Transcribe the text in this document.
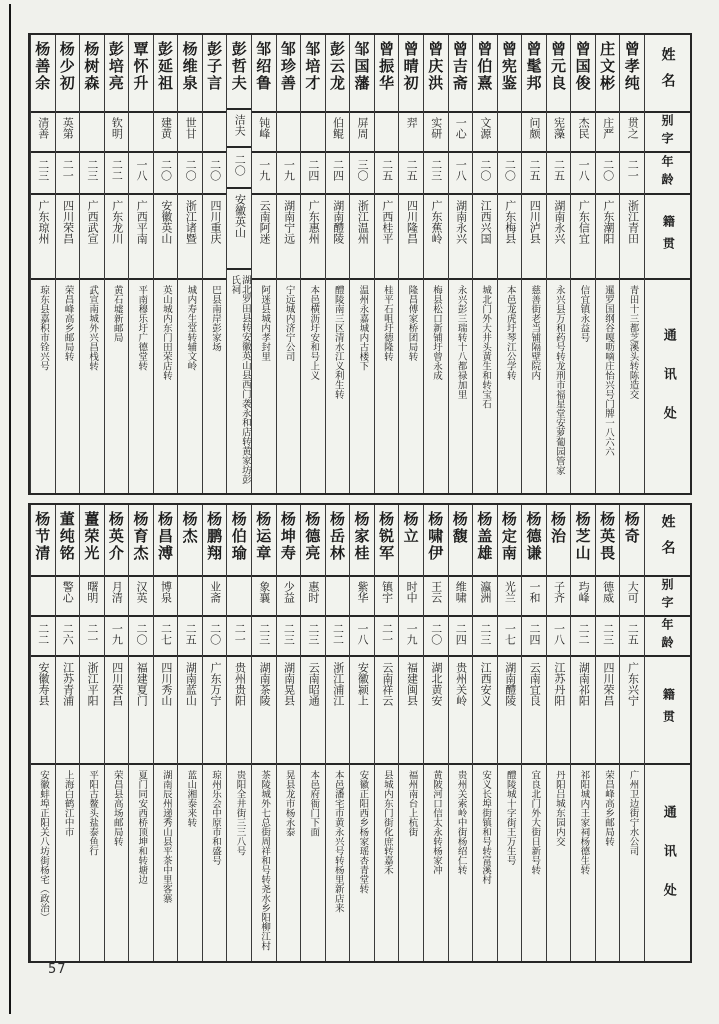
姓名
别字
年龄
籍贯
通讯处
曾孝纯
贯之
二一
浙江青田
青田十三都芝溪头转陈造交
庄文彬
庄严
二〇
广东潮阳
暹罗国纲谷嘎呖嘀庄怡兴号门牌一八六六
曾国俊
杰民
一八
广东信宜
信宜镇永益号
曾元良
宪藻
二五
湖南永兴
永兴县万和药号转龙刑市福星堂安萝葡园管家
曾髦邦
问颇
二五
四川泸县
慈善街老当铺隔壁院内
曾宪鉴
二〇
广东梅县
本邑龙虎圩琴江公学转
曾伯熹
文源
二〇
江西兴国
城北门外大井头黄生和转宝石
曾吉斋
一心
一八
湖南永兴
永兴彭三瑞转十八都禄加里
曾庆洪
实研
二三
广东蕉岭
梅县松口新铺圩曾永成
曾晴初
羿
二五
四川隆昌
隆昌傅家桥团局转
曾振华
二五
广西桂平
桂平石咀圩德隆转
邹国藩
屏周
三〇
浙江温州
温州永嘉城内古楼下
彭云龙
伯鲲
二四
湖南醴陵
醴陵南三区清水江义利生转
邹培才
二四
广东惠州
本邑横沥圩安和号上义
邹珍善
一九
湖南宁远
宁远城内济宁公司
邹绍鲁
钝峰
一九
云南阿迷
阿迷县城内孝封里
彭哲夫
洁夫
二〇
安徽英山
湖北罗田县转安徽英山县西门袭永和店转黄家坊彭氏祠
彭子言
二〇
四川重庆
巴县南岸彭家场
杨维泉
世甘
二〇
浙江诸暨
城内寿生堂转辅文岭
彭延祖
建黄
二〇
安徽英山
英山城内东门田荣店转
覃怀升
一八
广西平南
平南穆乐圩广德堂转
彭培亮
钦明
二二
广东龙川
黄石墟新邮局
杨树森
二三
广西武宣
武宣南城外兴昌栈转
杨少初
英第
二一
四川荣昌
荣昌峰高乡邮局转
杨善余
清善
二三
广东琼州
琼东县嘉积市铨兴号
姓名
别字
年龄
籍贯
通讯处
杨奇
大可
二五
广东兴宁
广州卫边街宁水公司
杨英畏
德威
二三
四川荣昌
荣昌峰高乡邮局转
杨芝山
玙峰
二二
湖南祁阳
祁阳城内王家祠杨德生转
杨治
子齐
一八
江苏丹阳
丹阳吕城东园内交
杨德谦
一和
二四
云南宜良
宜良北门外大街日新号转
杨定南
光兰
一七
湖南醴陵
醴陵城十字街王万生号
杨盖雄
瀛洲
二三
江西安义
安义长埠街镇和号转富溪村
杨馥
维啸
二四
贵州关岭
贵州关索岭中街杨绍仁转
杨啸伊
王云
二〇
湖北黄安
黄陂河口信太永转杨家冲
杨立
时中
一九
福建闽县
福州南台上杭街
杨锐军
镇宇
二一
云南祥云
县城内东门街化庶转嘉禾
杨家桂
紫华
一八
安徽颍上
安徽正阳西乡杨家瑶杏青堂转
杨岳林
二二
浙江浦江
本邑潘宅市黄永兴号转杨里新店来
杨德亮
惠时
二三
云南昭通
本邑府衙门下面
杨坤寿
少益
二三
湖南晃县
晃县龙市杨永泰
杨运章
象襄
二三
湖南茶陵
茶陵城外七总街周祥和号转尧水乡阳柳江村
杨伯瑜
二一
贵州贵阳
贵阳全井街三三八号
杨鹏翔
业斋
二〇
广东万宁
琼州乐会中原市和盛号
杨杰
二五
湖南蓝山
蓝山湘泰来转
杨昌溥
博泉
二七
四川秀山
湖南辰州递秀山县平茶中里客寨
杨育杰
汉英
二〇
福建夏门
夏门同安西桥顶坤和转塘边
杨英介
月清
一九
四川荣昌
荣昌县高场邮局转
薑荣光
曙明
二一
浙江平阳
平阳古鳌头盐泰鱼行
董纯铭
警心
二六
江苏青浦
上海白鹤江中市
杨节清
二二
安徽寿县
安徽蚌埠正阳关八坊街杨宅（政治）
57
